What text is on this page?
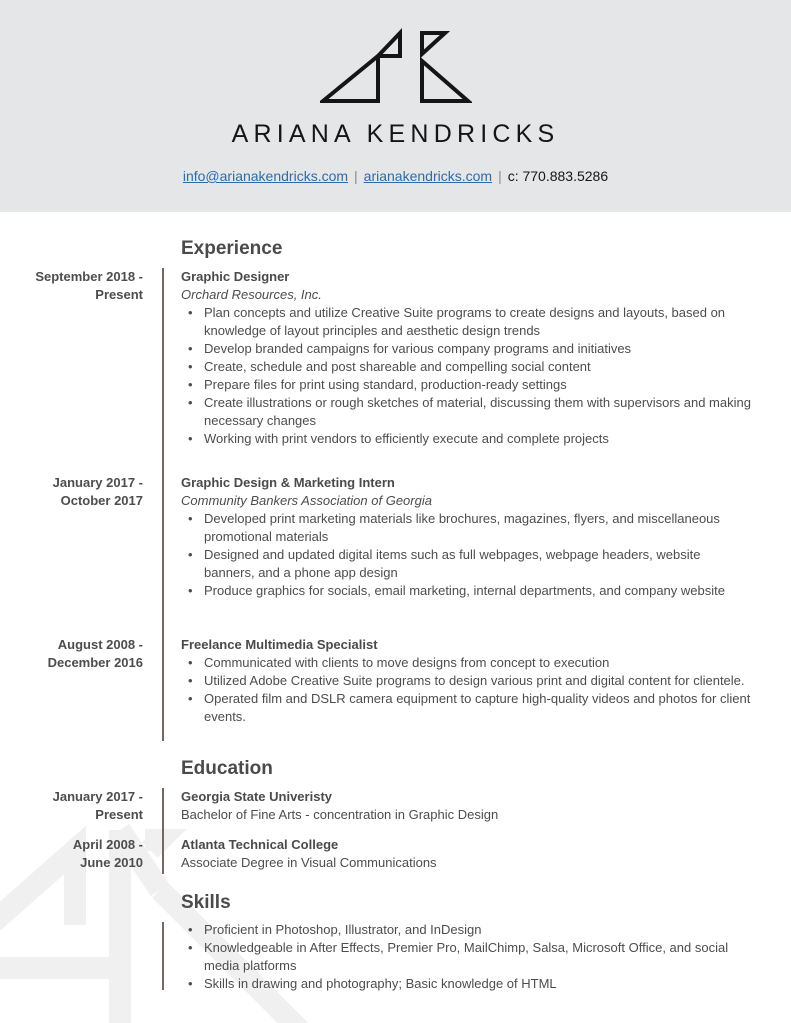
ARIANA KENDRICKS
info@arianakendricks.com | arianakendricks.com | c: 770.883.5286
Experience
September 2018 -
Present
Graphic Designer
Orchard Resources, Inc.
• Plan concepts and utilize Creative Suite programs to create designs and layouts, based on knowledge of layout principles and aesthetic design trends
• Develop branded campaigns for various company programs and initiatives
• Create, schedule and post shareable and compelling social content
• Prepare files for print using standard, production-ready settings
• Create illustrations or rough sketches of material, discussing them with supervisors and making necessary changes
• Working with print vendors to efficiently execute and complete projects
January 2017 -
October 2017
Graphic Design & Marketing Intern
Community Bankers Association of Georgia
• Developed print marketing materials like brochures, magazines, flyers, and miscellaneous promotional materials
• Designed and updated digital items such as full webpages, webpage headers, website banners, and a phone app design
• Produce graphics for socials, email marketing, internal departments, and company website
August 2008 -
December 2016
Freelance Multimedia Specialist
• Communicated with clients to move designs from concept to execution
• Utilized Adobe Creative Suite programs to design various print and digital content for clientele.
• Operated film and DSLR camera equipment to capture high-quality videos and photos for client events.
Education
January 2017 -
Present
Georgia State Univeristy
Bachelor of Fine Arts - concentration in Graphic Design
April 2008 -
June 2010
Atlanta Technical College
Associate Degree in Visual Communications
Skills
• Proficient in Photoshop, Illustrator, and InDesign
• Knowledgeable in After Effects, Premier Pro, MailChimp, Salsa, Microsoft Office, and social media platforms
• Skills in drawing and photography; Basic knowledge of HTML
